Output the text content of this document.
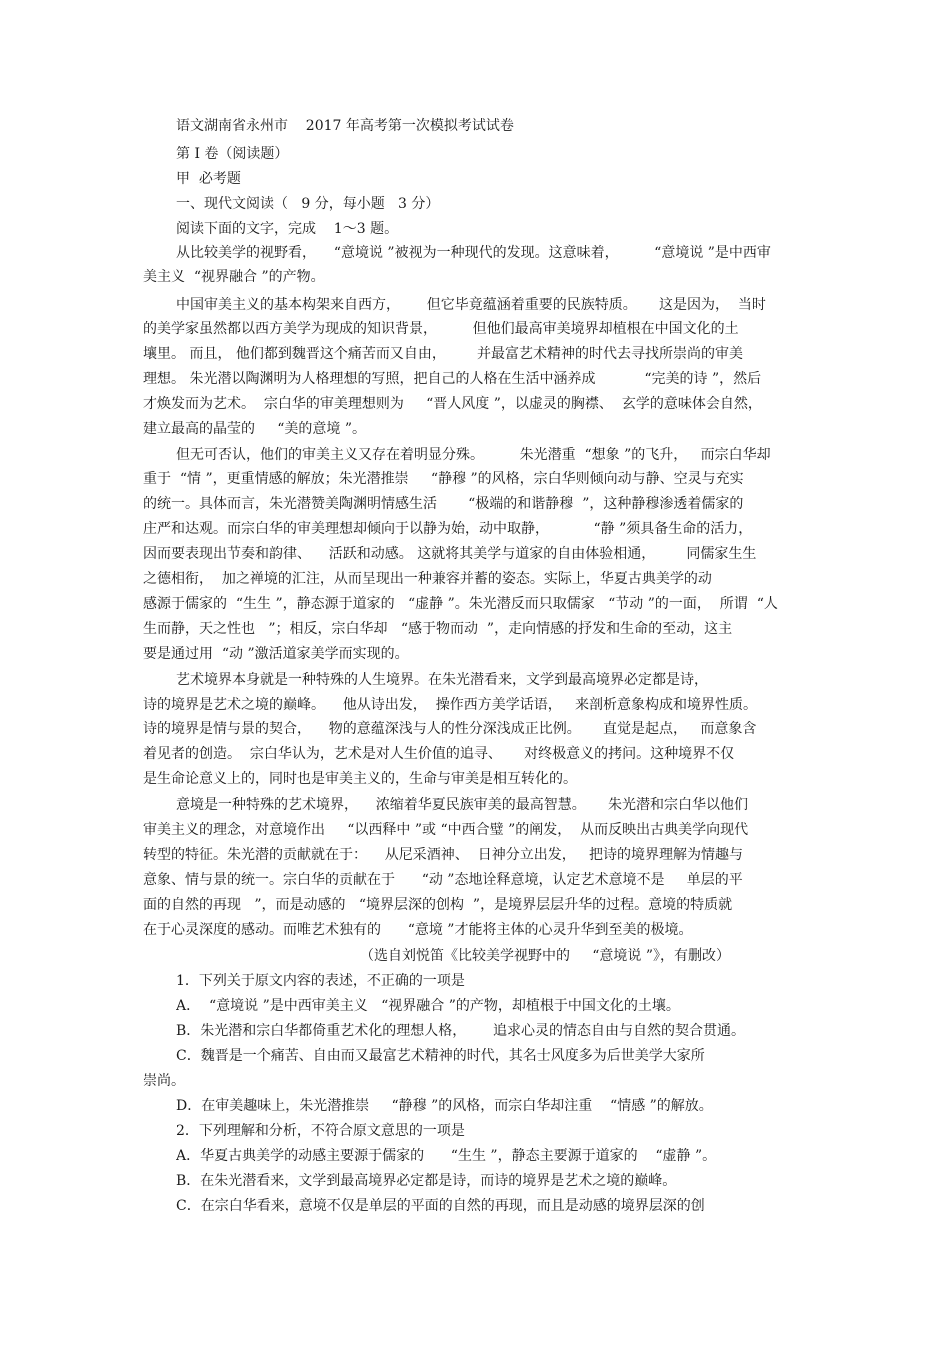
语文湖南省永州市    2017 年高考第一次模拟考试试卷
第 I 卷（阅读题）
甲  必考题
一、现代文阅读（   9 分，每小题   3 分）
阅读下面的文字，完成    1～3 题。
从比较美学的视野看，    “意境说 ”被视为一种现代的发现。这意味着，        “意境说 ”是中西审
美主义  “视界融合 ”的产物。
中国审美主义的基本构架来自西方，      但它毕竟蕴涵着重要的民族特质。     这是因为，  当时
的美学家虽然都以西方美学为现成的知识背景，        但他们最高审美境界却植根在中国文化的土
壤里。 而且， 他们都到魏晋这个痛苦而又自由，       并最富艺术精神的时代去寻找所崇尚的审美
理想。 朱光潜以陶渊明为人格理想的写照，把自己的人格在生活中涵养成           “完美的诗 ”，然后
才焕发而为艺术。  宗白华的审美理想则为     “晋人风度 ”，以虚灵的胸襟、  玄学的意味体会自然，
建立最高的晶莹的     “美的意境 ”。
但无可否认，他们的审美主义又存在着明显分殊。        朱光潜重  “想象 ”的飞升，   而宗白华却
重于  “情 ”，更重情感的解放；朱光潜推崇     “静穆 ”的风格，宗白华则倾向动与静、空灵与充实
的统一。具体而言，朱光潜赞美陶渊明情感生活       “极端的和谐静穆  ”，这种静穆渗透着儒家的
庄严和达观。而宗白华的审美理想却倾向于以静为始，动中取静，          “静 ”须具备生命的活力，
因而要表现出节奏和韵律、    活跃和动感。 这就将其美学与道家的自由体验相通，       同儒家生生
之德相衔，  加之禅境的汇注，从而呈现出一种兼容并蓄的姿态。实际上，华夏古典美学的动
感源于儒家的  “生生 ”，静态源于道家的   “虚静 ”。朱光潜反而只取儒家   “节动 ”的一面，  所谓  “人
生而静，天之性也   ”；相反，宗白华却   “感于物而动  ”，走向情感的抒发和生命的至动，这主
要是通过用  “动 ”激活道家美学而实现的。
艺术境界本身就是一种特殊的人生境界。在朱光潜看来，文学到最高境界必定都是诗，
诗的境界是艺术之境的巅峰。    他从诗出发，  操作西方美学话语，   来剖析意象构成和境界性质。
诗的境界是情与景的契合，    物的意蕴深浅与人的性分深浅成正比例。     直觉是起点，   而意象含
着见者的创造。  宗白华认为，艺术是对人生价值的追寻、     对终极意义的拷问。这种境界不仅
是生命论意义上的，同时也是审美主义的，生命与审美是相互转化的。
意境是一种特殊的艺术境界，    浓缩着华夏民族审美的最高智慧。     朱光潜和宗白华以他们
审美主义的理念，对意境作出     “以西释中 ”或 “中西合璧 ”的阐发，  从而反映出古典美学向现代
转型的特征。朱光潜的贡献就在于：    从尼采酒神、  日神分立出发，   把诗的境界理解为情趣与
意象、情与景的统一。宗白华的贡献在于      “动 ”态地诠释意境，认定艺术意境不是     单层的平
面的自然的再现   ”，而是动感的   “境界层深的创构  ”，是境界层层升华的过程。意境的特质就
在于心灵深度的感动。而唯艺术独有的      “意境 ”才能将主体的心灵升华到至美的极境。
（选自刘悦笛《比较美学视野中的     “意境说 ”》，有删改）
1．下列关于原文内容的表述，不正确的一项是
A．  “意境说 ”是中西审美主义   “视界融合 ”的产物，却植根于中国文化的土壤。
B．朱光潜和宗白华都倚重艺术化的理想人格，      追求心灵的情态自由与自然的契合贯通。
C．魏晋是一个痛苦、自由而又最富艺术精神的时代，其名士风度多为后世美学大家所
崇尚。
D．在审美趣味上，朱光潜推崇     “静穆 ”的风格，而宗白华却注重    “情感 ”的解放。
2．下列理解和分析，不符合原文意思的一项是
A．华夏古典美学的动感主要源于儒家的      “生生 ”，静态主要源于道家的    “虚静 ”。
B．在朱光潜看来，文学到最高境界必定都是诗，而诗的境界是艺术之境的巅峰。
C．在宗白华看来，意境不仅是单层的平面的自然的再现，而且是动感的境界层深的创
